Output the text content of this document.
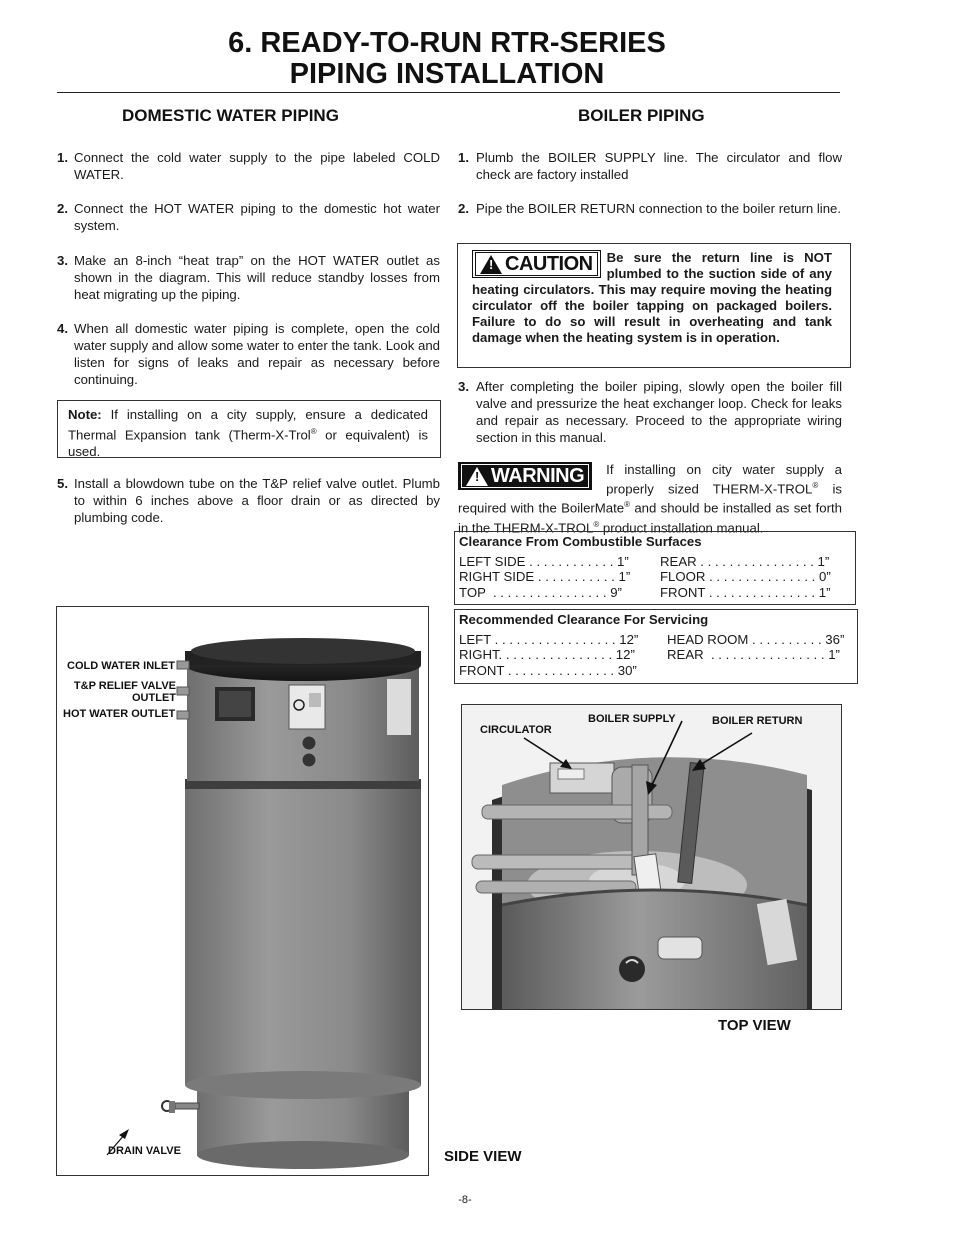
6. READY-TO-RUN RTR-SERIES
PIPING INSTALLATION
DOMESTIC WATER PIPING
1. Connect the cold water supply to the pipe labeled COLD WATER.
2. Connect the HOT WATER piping to the domestic hot water system.
3. Make an 8-inch “heat trap” on the HOT WATER outlet as shown in the diagram. This will reduce standby losses from heat migrating up the piping.
4. When all domestic water piping is complete, open the cold water supply and allow some water to enter the tank. Look and listen for signs of leaks and repair as necessary before continuing.
Note: If installing on a city supply, ensure a dedicated Thermal Expansion tank (Therm-X-Trol® or equivalent) is used.
5. Install a blowdown tube on the T&P relief valve outlet. Plumb to within 6 inches above a floor drain or as directed by plumbing code.
COLD WATER INLET
T&P RELIEF VALVE
OUTLET
HOT WATER OUTLET
DRAIN VALVE	SIDE VIEW
BOILER PIPING
1. Plumb the BOILER SUPPLY line. The circulator and flow check are factory installed
2. Pipe the BOILER RETURN connection to the boiler return line.
! CAUTION Be sure the return line is NOT plumbed to the suction side of any heating circulators. This may require moving the heating circulator off the boiler tapping on packaged boilers. Failure to do so will result in overheating and tank damage when the heating system is in operation.
3. After completing the boiler piping, slowly open the boiler fill valve and pressurize the heat exchanger loop. Check for leaks and repair as necessary. Proceed to the appropriate wiring section in this manual.
! WARNING If installing on city water supply a properly sized THERM-X-TROL® is required with the BoilerMate® and should be installed as set forth in the THERM-X-TROL® product installation manual.
Clearance From Combustible Surfaces
LEFT SIDE . . . . . . . . . . . . 1”	REAR . . . . . . . . . . . . . . . . 1”
RIGHT SIDE . . . . . . . . . . . 1”	FLOOR . . . . . . . . . . . . . . . 0”
TOP  . . . . . . . . . . . . . . . . 9”	FRONT . . . . . . . . . . . . . . . 1”
Recommended Clearance For Servicing
LEFT . . . . . . . . . . . . . . . . . 12”	HEAD ROOM . . . . . . . . . . 36”
RIGHT. . . . . . . . . . . . . . . . 12”	REAR  . . . . . . . . . . . . . . . . 1”
FRONT . . . . . . . . . . . . . . . 30”
CIRCULATOR
BOILER SUPPLY	BOILER RETURN
TOP VIEW
-8-
